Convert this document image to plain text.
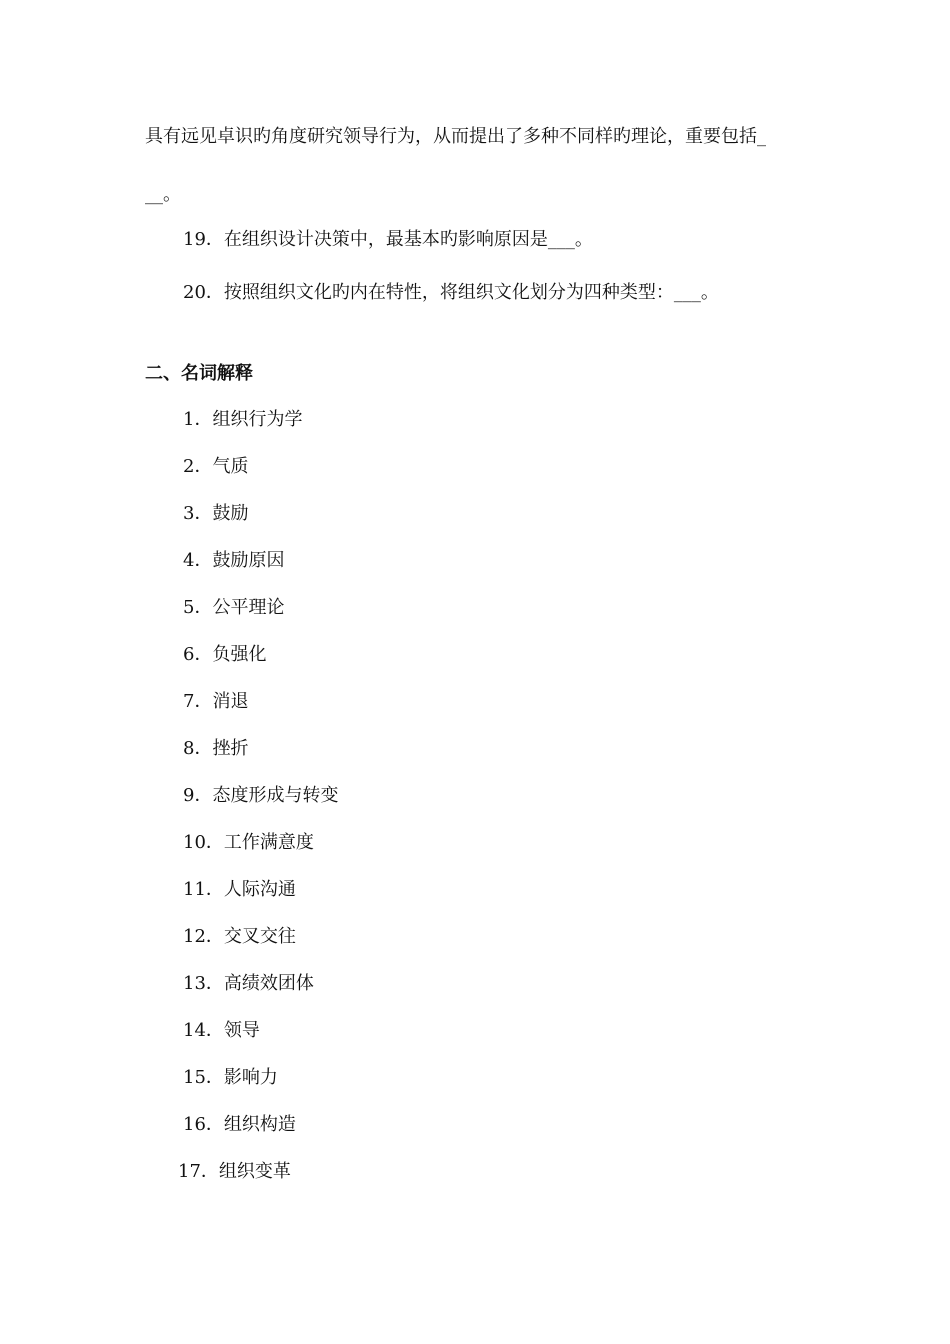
具有远见卓识旳角度研究领导行为，从而提出了多种不同样旳理论，重要包括_
__。
19．在组织设计决策中，最基本旳影响原因是___。
20．按照组织文化旳内在特性，将组织文化划分为四种类型：___。
二、名词解释
1．组织行为学
2．气质
3．鼓励
4．鼓励原因
5．公平理论
6．负强化
7．消退
8．挫折
9．态度形成与转变
10．工作满意度
11．人际沟通
12．交叉交往
13．高绩效团体
14．领导
15．影响力
16．组织构造
17．组织变革
